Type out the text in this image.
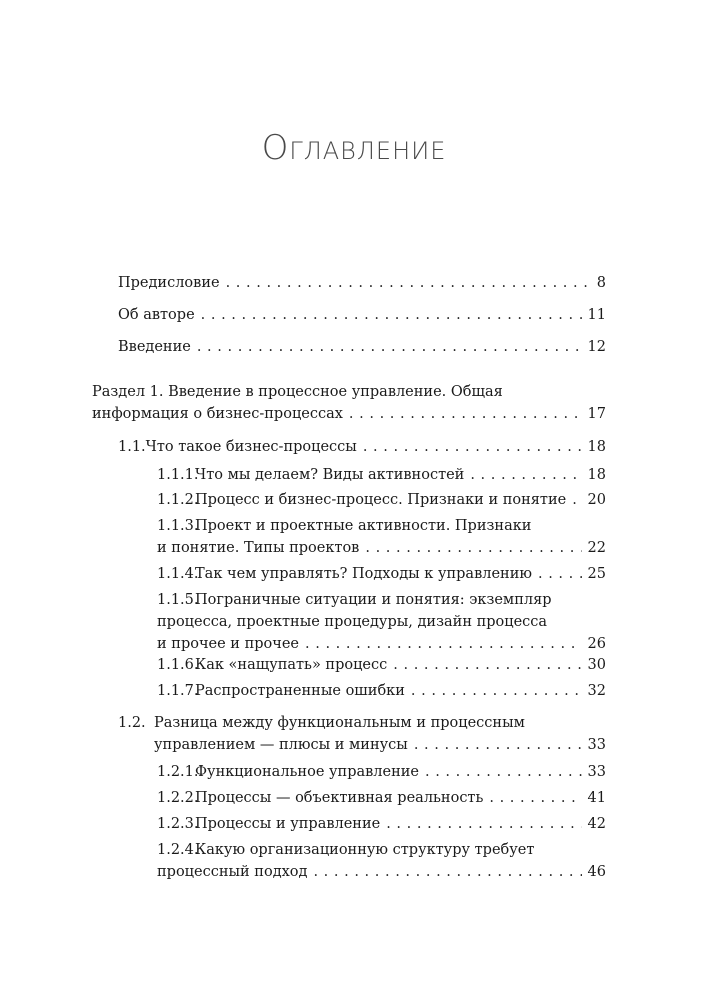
Оглавление
Предисловие . . .	8
Об авторе . . .	11
Введение . . .	12
Раздел 1. Введение в процессное управление. Общая
информация о бизнес-процессах . . .	17
1.1. Что такое бизнес-процессы . . .	18
1.1.1.
Что мы делаем? Виды активностей . . .	18
1.1.2.
Процесс и бизнес-процесс. Признаки и понятие . . . 20
1.1.3.Проект и проектные активности. Признаки
и понятие. Типы проектов . . .	22
1.1.4.
Так чем управлять? Подходы к управлению . . .	25
1.1.5.Пограничные ситуации и понятия: экземпляр
процесса, проектные процедуры, дизайн процесса
и прочее и прочее . . .	26
1.1.6.
Как «нащупать» процесс . . .	30
1.1.7.
Распространенные ошибки . . .	32
1.2. Разница между функциональным и процессным
управлением — плюсы и минусы . . .	33
1.2.1.
Функциональное управление . . .	33
1.2.2.
Процессы — объективная реальность . . .	41
1.2.3.
Процессы и управление . . .	42
1.2.4.Какую организационную структуру требует
процессный подход . . .	46
